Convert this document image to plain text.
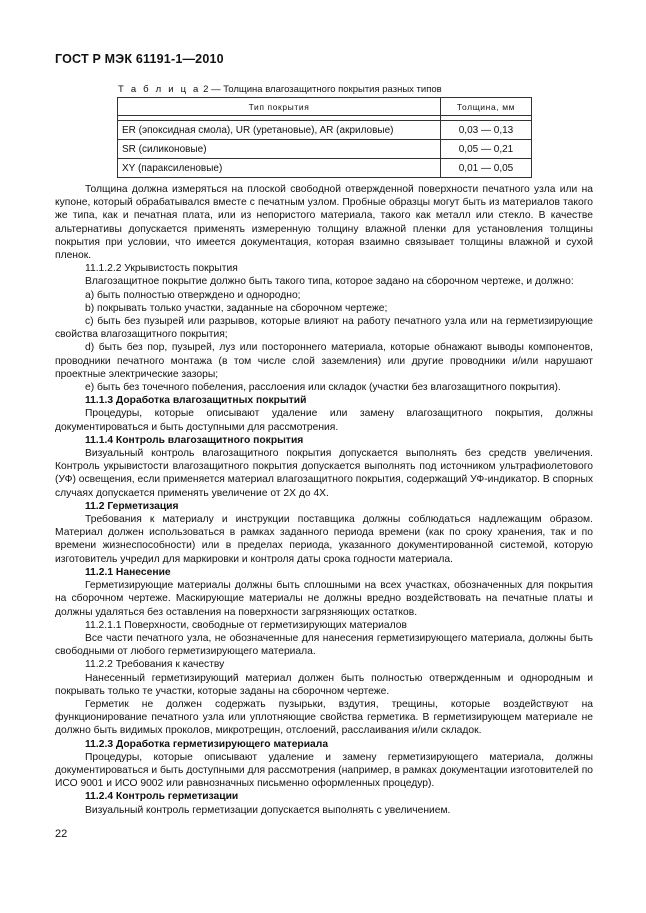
ГОСТ Р МЭК 61191-1—2010
Т а б л и ц а 2 — Толщина влагозащитного покрытия разных типов
Тип покрытия	Толщина, мм

ER (эпоксидная смола), UR (уретановые), AR (акриловые)	0,03 — 0,13
SR (силиконовые)	0,05 — 0,21
XY (парaксиленовые)	0,01 — 0,05

Толщина должна измеряться на плоской свободной отвержденной поверхности печатного узла или на купоне, который обрабатывался вместе с печатным узлом. Пробные образцы могут быть из материалов такого же типа, как и печатная плата, или из непористого материала, такого как металл или стекло. В качестве альтернативы допускается применять измеренную толщину влажной пленки для установления толщины покрытия при условии, что имеется документация, которая взаимно связывает толщины влажной и сухой пленок.

11.1.2.2 Укрывистость покрытия

Влагозащитное покрытие должно быть такого типа, которое задано на сборочном чертеже, и должно:

a) быть полностью отверждено и однородно;

b) покрывать только участки, заданные на сборочном чертеже;

c) быть без пузырей или разрывов, которые влияют на работу печатного узла или на герметизирующие свойства влагозащитного покрытия;

d) быть без пор, пузырей, луз или постороннего материала, которые обнажают выводы компонентов, проводники печатного монтажа (в том числе слой заземления) или другие проводники и/или нарушают проектные электрические зазоры;

e) быть без точечного побеления, расслоения или складок (участки без влагозащитного покрытия).

11.1.3 Доработка влагозащитных покрытий

Процедуры, которые описывают удаление или замену влагозащитного покрытия, должны документироваться и быть доступными для рассмотрения.

11.1.4 Контроль влагозащитного покрытия

Визуальный контроль влагозащитного покрытия допускается выполнять без средств увеличения. Контроль укрывистости влагозащитного покрытия допускается выполнять под источником ультрафиолетового (УФ) освещения, если применяется материал влагозащитного покрытия, содержащий УФ-индикатор. В спорных случаях допускается применять увеличение от 2X до 4X.

11.2 Герметизация

Требования к материалу и инструкции поставщика должны соблюдаться надлежащим образом. Материал должен использоваться в рамках заданного периода времени (как по сроку хранения, так и по времени жизнеспособности) или в пределах периода, указанного документированной системой, которую изготовитель учредил для маркировки и контроля даты срока годности материала.

11.2.1 Нанесение

Герметизирующие материалы должны быть сплошными на всех участках, обозначенных для покрытия на сборочном чертеже. Маскирующие материалы не должны вредно воздействовать на печатные платы и должны удаляться без оставления на поверхности загрязняющих остатков.

11.2.1.1 Поверхности, свободные от герметизирующих материалов

Все части печатного узла, не обозначенные для нанесения герметизирующего материала, должны быть свободными от любого герметизирующего материала.

11.2.2 Требования к качеству

Нанесенный герметизирующий материал должен быть полностью отвержденным и однородным и покрывать только те участки, которые заданы на сборочном чертеже.

Герметик не должен содержать пузырьки, вздутия, трещины, которые воздействуют на функционирование печатного узла или уплотняющие свойства герметика. В герметизирующем материале не должно быть видимых проколов, микротрещин, отслоений, расслаивания и/или складок.

11.2.3 Доработка герметизирующего материала

Процедуры, которые описывают удаление и замену герметизирующего материала, должны документироваться и быть доступными для рассмотрения (например, в рамках документации изготовителей по ИСО 9001 и ИСО 9002 или равнозначных письменно оформленных процедур).

11.2.4 Контроль герметизации

Визуальный контроль герметизации допускается выполнять с увеличением.

22
